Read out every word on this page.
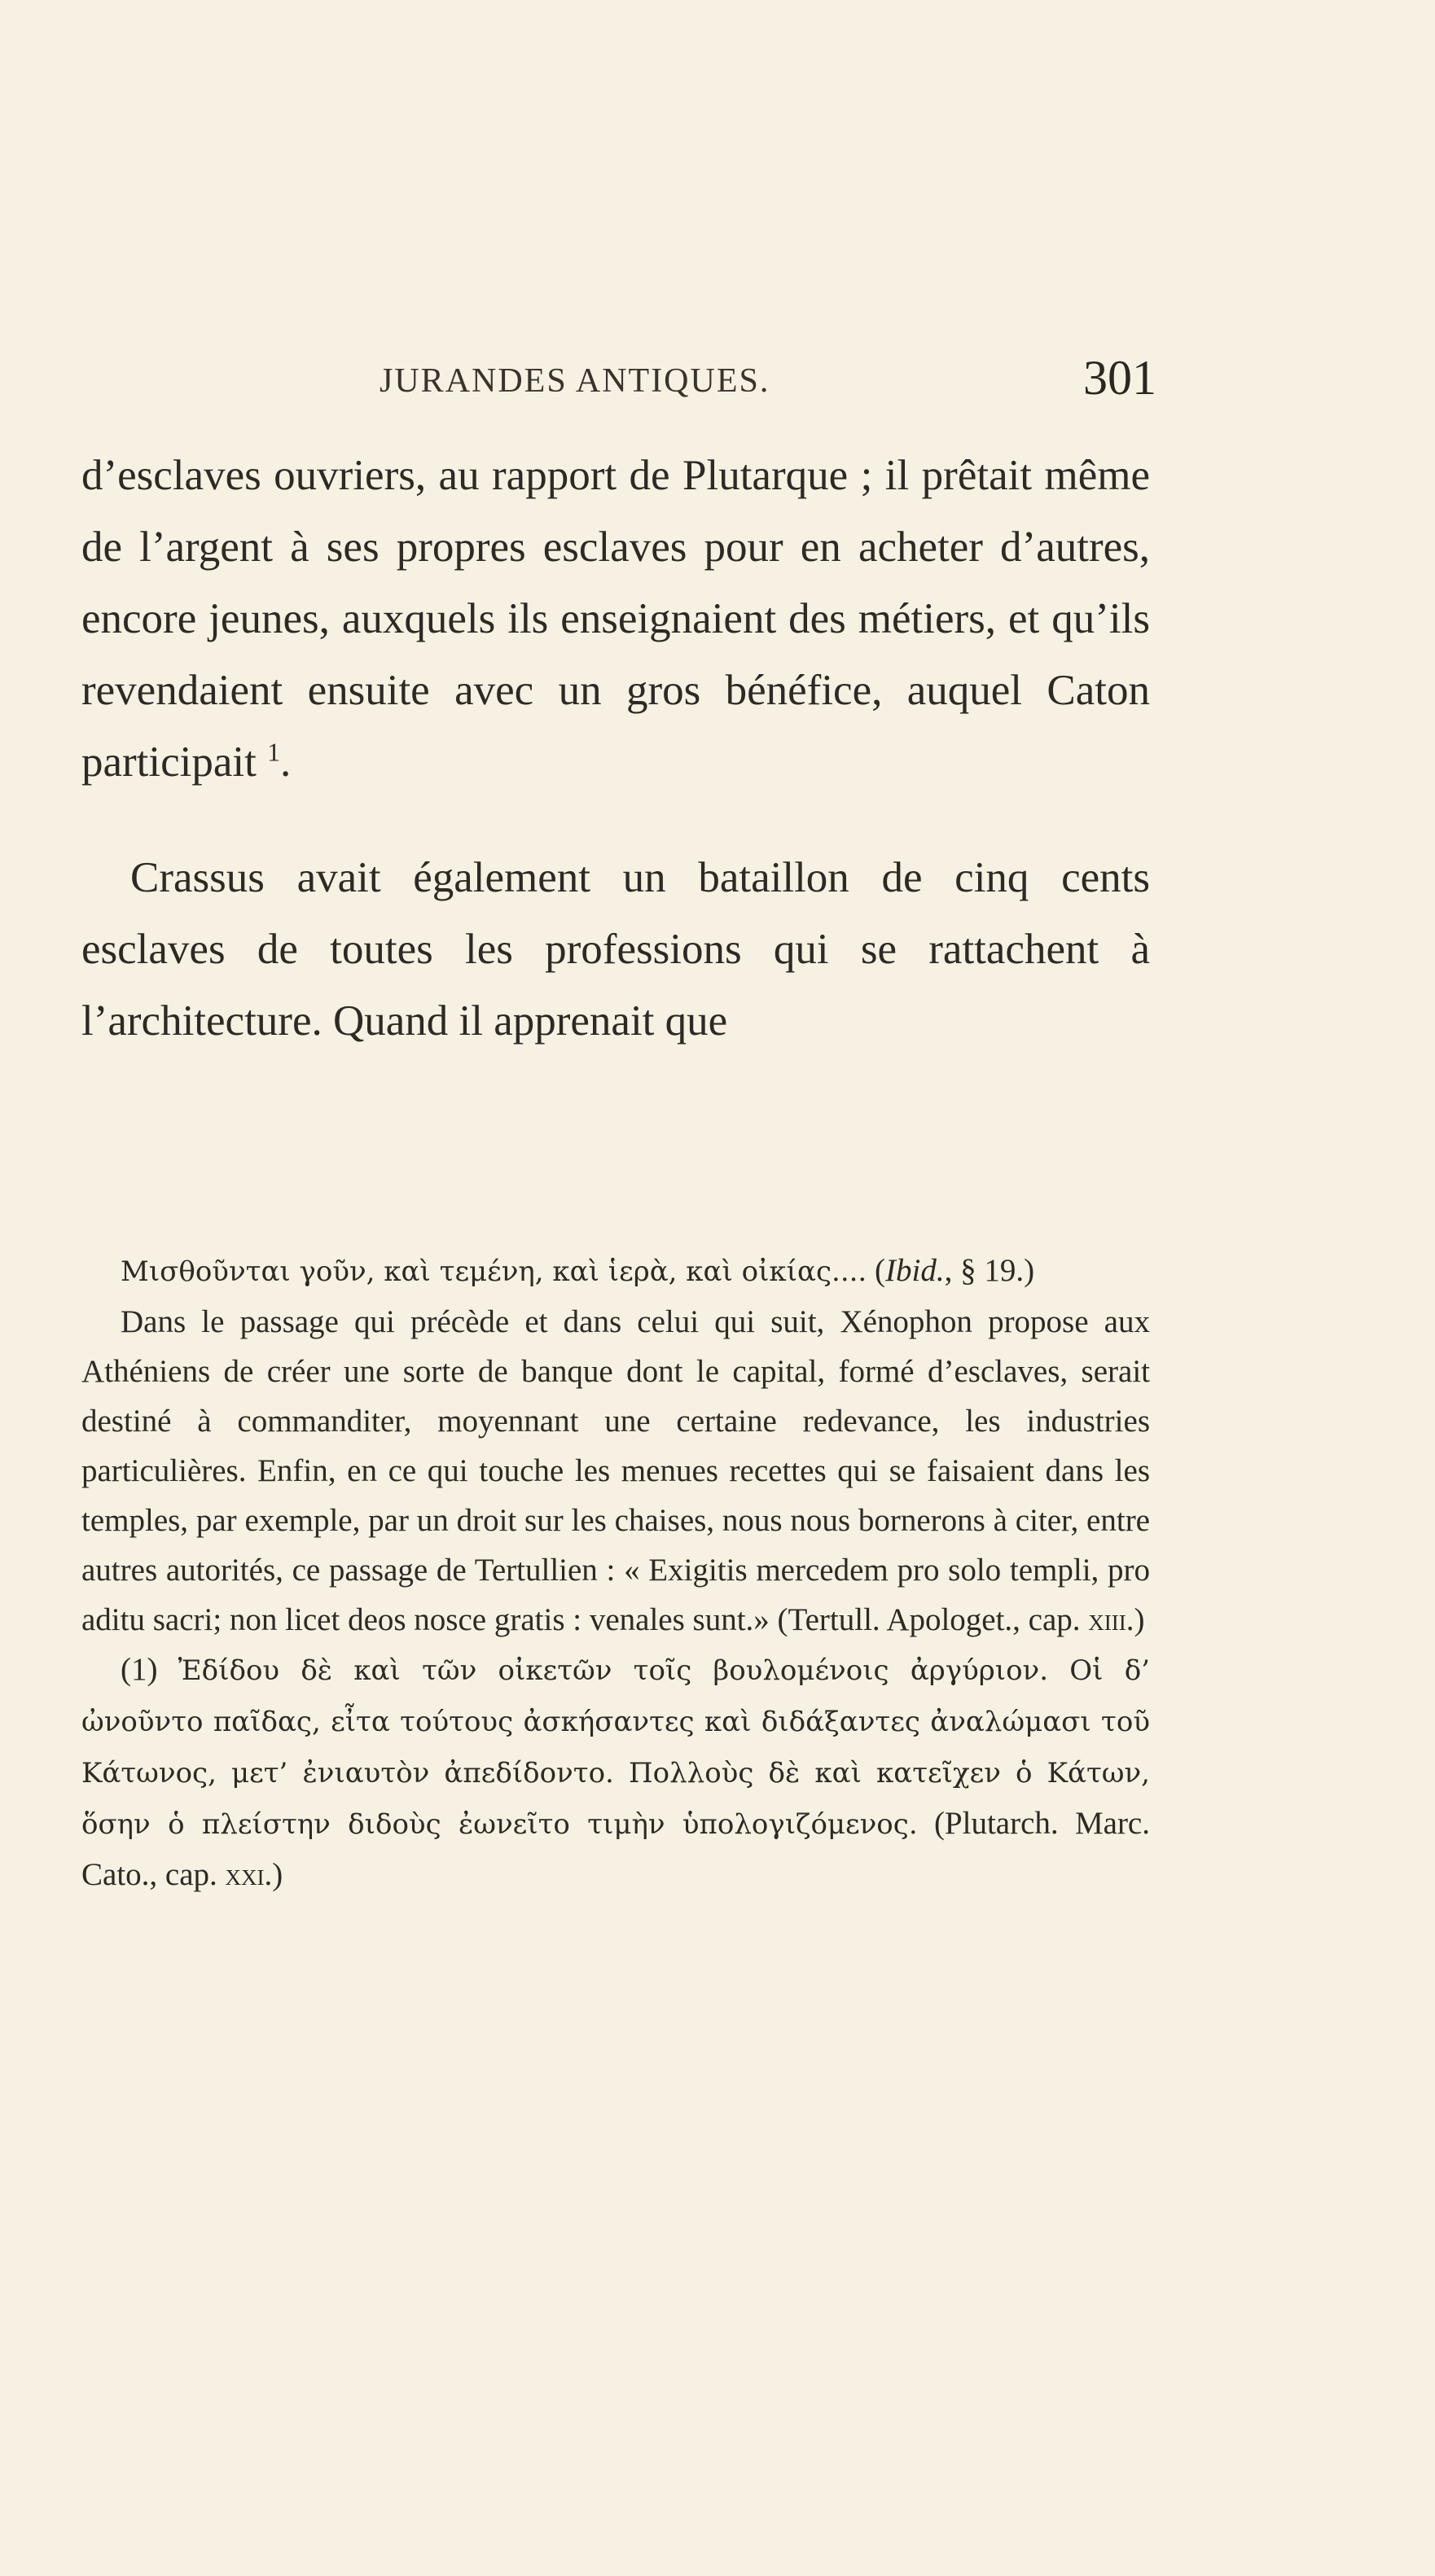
JURANDES ANTIQUES.	301

d’esclaves ouvriers, au rapport de Plutarque ; il prêtait même de l’argent à ses propres esclaves pour en acheter d’autres, encore jeunes, auxquels ils enseignaient des métiers, et qu’ils revendaient ensuite avec un gros bénéfice, auquel Caton participait $^1$.

Crassus avait également un bataillon de cinq cents esclaves de toutes les professions qui se rattachent à l’architecture. Quand il apprenait que

Μισθοῦνται γοῦν, καὶ τεμένη, καὶ ἱερὰ, καὶ οἰκίας.... (Ibid., § 19.)

Dans le passage qui précède et dans celui qui suit, Xénophon propose aux Athéniens de créer une sorte de banque dont le capital, formé d’esclaves, serait destiné à commanditer, moyennant une certaine redevance, les industries particulières. Enfin, en ce qui touche les menues recettes qui se faisaient dans les temples, par exemple, par un droit sur les chaises, nous nous bornerons à citer, entre autres autorités, ce passage de Tertullien : « Exigitis mercedem pro solo templi, pro aditu sacri; non licet deos nosce gratis : venales sunt.» (Tertull. Apologet., cap. xiii.)

(1) Ἐδίδου δὲ καὶ τῶν οἰκετῶν τοῖς βουλομένοις ἀργύριον. Οἱ δ’ ὠνοῦντο παῖδας, εἶτα τούτους ἀσκήσαντες καὶ διδάξαντες ἀναλώμασι τοῦ Κάτωνος, μετ’ ἐνιαυτὸν ἀπεδίδοντο. Πολλοὺς δὲ καὶ κατεῖχεν ὁ Κάτων, ὅσην ὁ πλείστην διδοὺς ἐωνεῖτο τιμὴν ὑπολογιζόμενος. (Plutarch. Marc. Cato., cap. xxi.)
